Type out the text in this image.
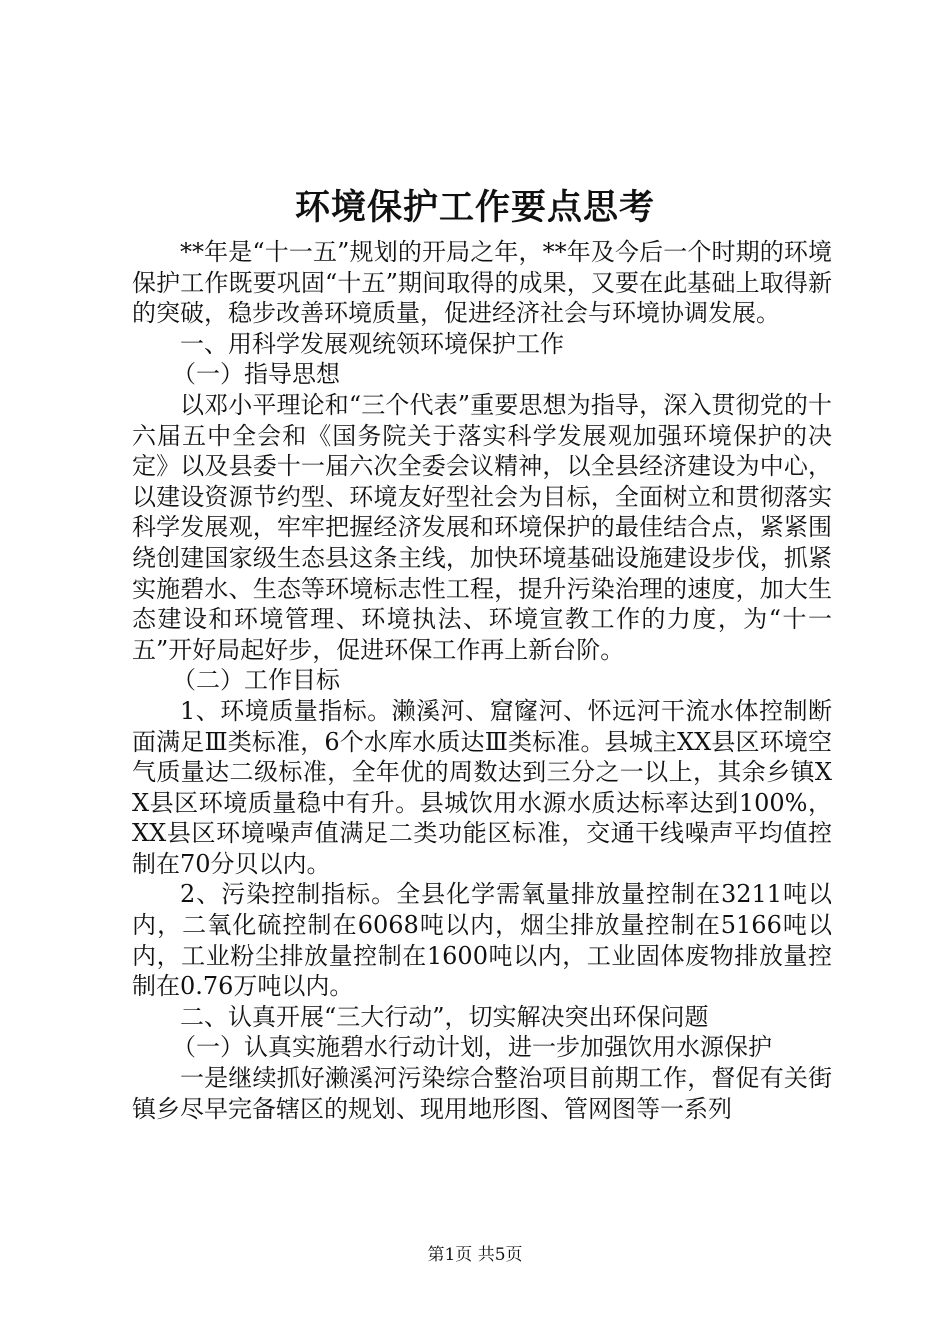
环境保护工作要点思考

**年是“十一五”规划的开局之年，**年及今后一个时期的环境保护工作既要巩固“十五”期间取得的成果，又要在此基础上取得新的突破，稳步改善环境质量，促进经济社会与环境协调发展。

一、用科学发展观统领环境保护工作

（一）指导思想

以邓小平理论和“三个代表”重要思想为指导，深入贯彻党的十六届五中全会和《国务院关于落实科学发展观加强环境保护的决定》以及县委十一届六次全委会议精神，以全县经济建设为中心，以建设资源节约型、环境友好型社会为目标，全面树立和贯彻落实科学发展观，牢牢把握经济发展和环境保护的最佳结合点，紧紧围绕创建国家级生态县这条主线，加快环境基础设施建设步伐，抓紧实施碧水、生态等环境标志性工程，提升污染治理的速度，加大生态建设和环境管理、环境执法、环境宣教工作的力度，为“十一五”开好局起好步，促进环保工作再上新台阶。

（二）工作目标

1、环境质量指标。濑溪河、窟窿河、怀远河干流水体控制断面满足Ⅲ类标准，6个水库水质达Ⅲ类标准。县城主XX县区环境空气质量达二级标准，全年优的周数达到三分之一以上，其余乡镇XX县区环境质量稳中有升。县城饮用水源水质达标率达到100%，XX县区环境噪声值满足二类功能区标准，交通干线噪声平均值控制在70分贝以内。

2、污染控制指标。全县化学需氧量排放量控制在3211吨以内，二氧化硫控制在6068吨以内，烟尘排放量控制在5166吨以内，工业粉尘排放量控制在1600吨以内，工业固体废物排放量控制在0.76万吨以内。

二、认真开展“三大行动”，切实解决突出环保问题

（一）认真实施碧水行动计划，进一步加强饮用水源保护

一是继续抓好濑溪河污染综合整治项目前期工作，督促有关街镇乡尽早完备辖区的规划、现用地形图、管网图等一系列

第1页 共5页
